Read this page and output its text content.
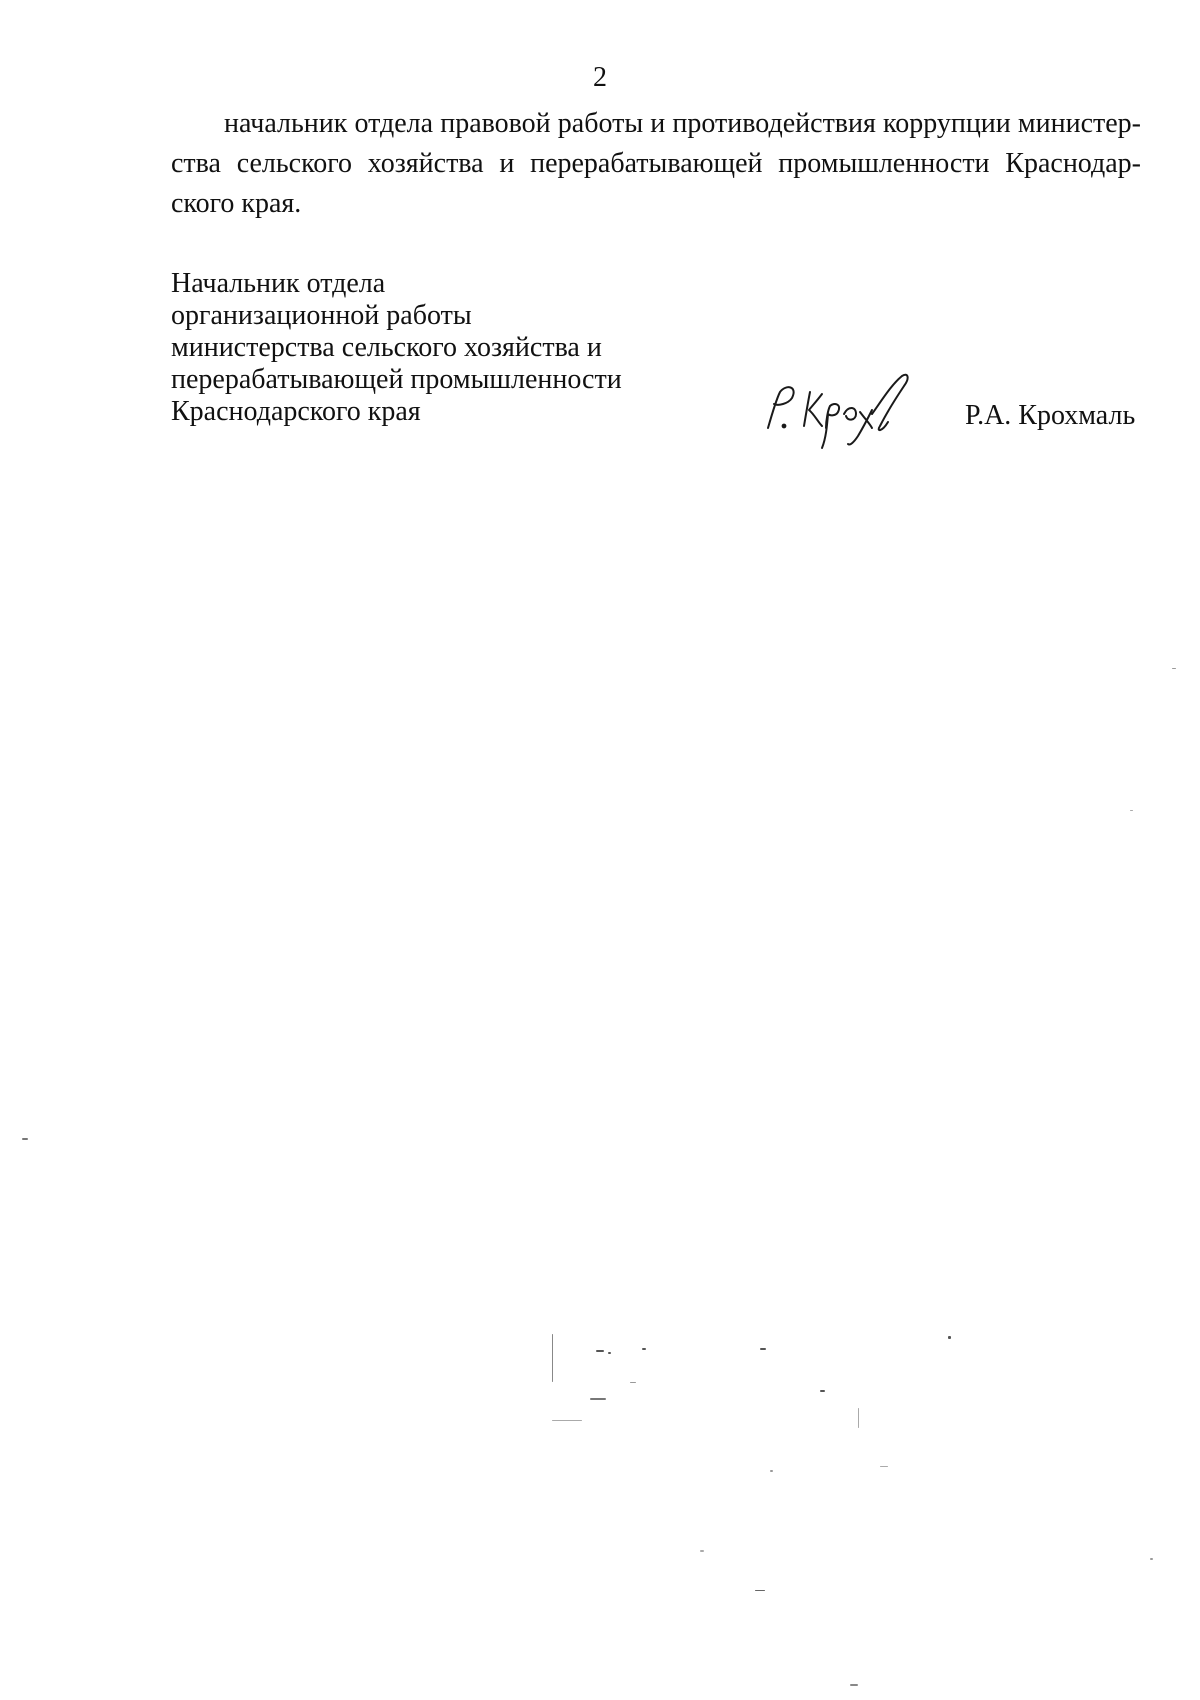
2
начальник отдела правовой работы и противодействия коррупции министер-
ства сельского хозяйства и перерабатывающей промышленности Краснодар-
ского края.
Начальник отдела
организационной работы
министерства сельского хозяйства и
перерабатывающей промышленности
Краснодарского края	Р.А. Крохмаль
